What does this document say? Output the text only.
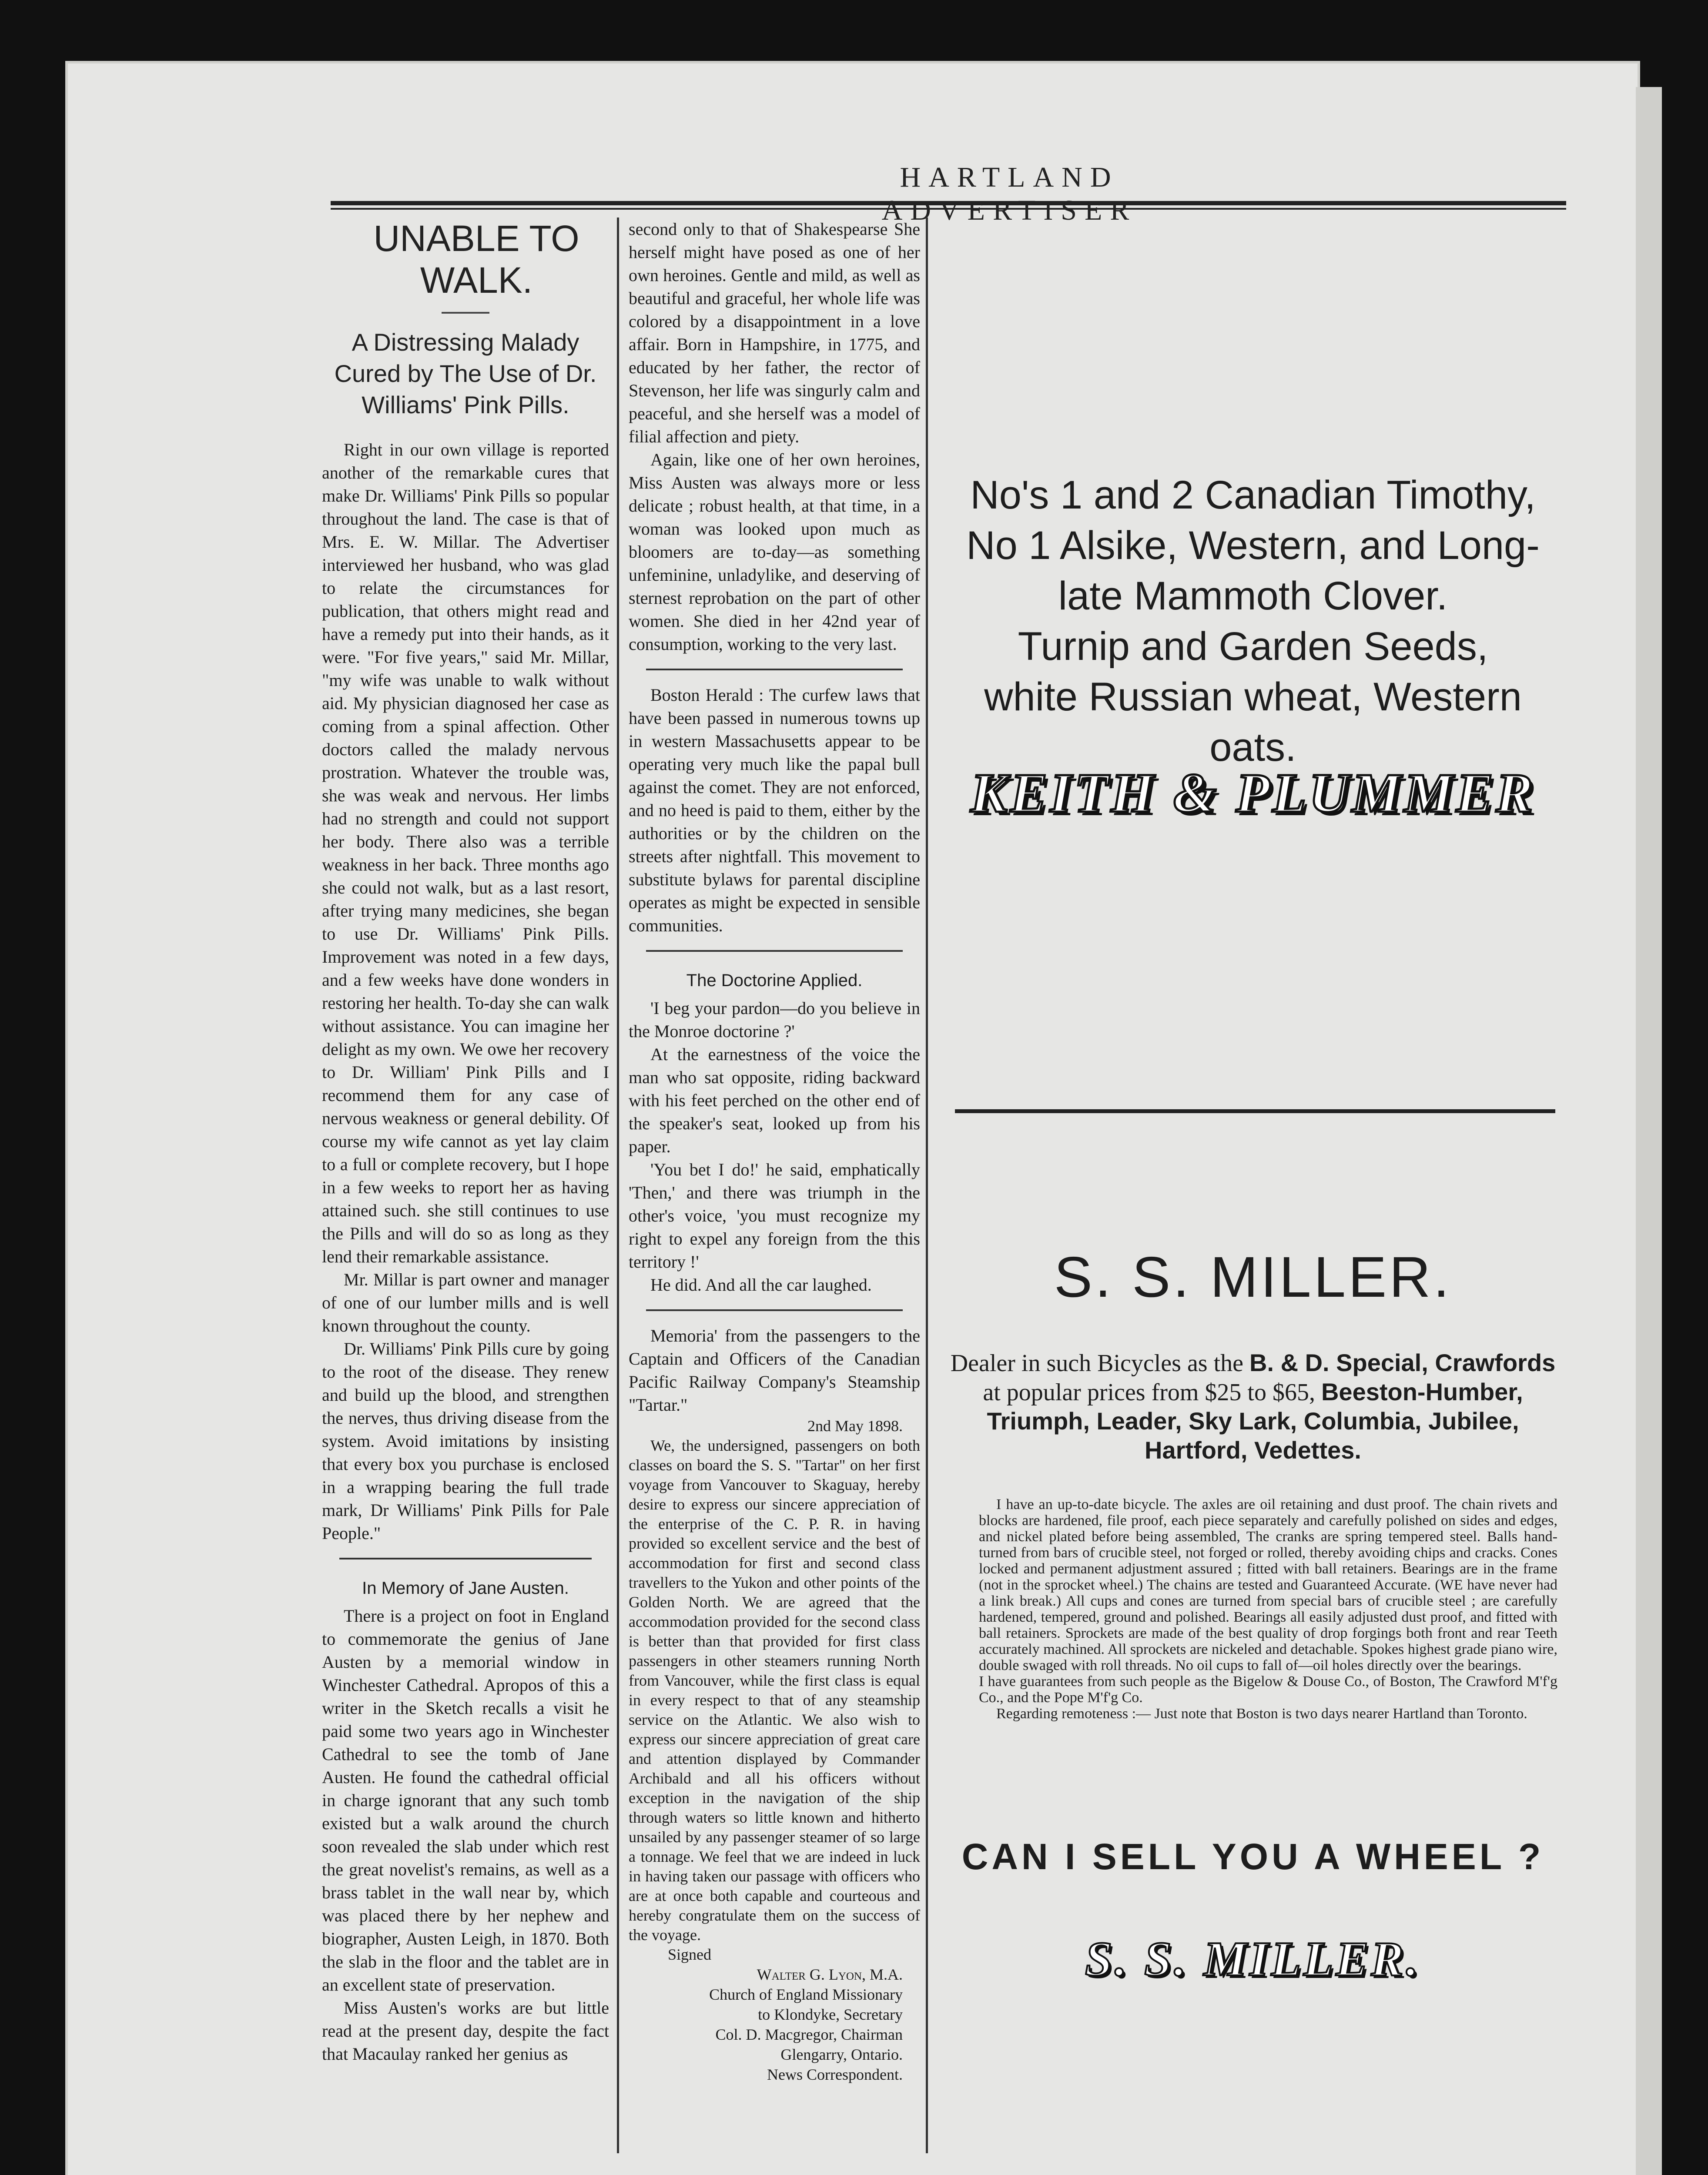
HARTLAND ADVERTISER

UNABLE TO

WALK.

A Distressing Malady Cured by The Use of Dr. Williams' Pink Pills.

Right in our own village is reported another of the remarkable cures that make Dr. Williams' Pink Pills so popular throughout the land. The case is that of Mrs. E. W. Millar. The Advertiser interviewed her husband, who was glad to relate the circumstances for publication, that others might read and have a remedy put into their hands, as it were. "For five years," said Mr. Millar, "my wife was unable to walk without aid. My physician diagnosed her case as coming from a spinal affection. Other doctors called the malady nervous prostration. Whatever the trouble was, she was weak and nervous. Her limbs had no strength and could not support her body. There also was a terrible weakness in her back. Three months ago she could not walk, but as a last resort, after trying many medicines, she began to use Dr. Williams' Pink Pills. Improvement was noted in a few days, and a few weeks have done wonders in restoring her health. To-day she can walk without assistance. You can imagine her delight as my own. We owe her recovery to Dr. William' Pink Pills and I recommend them for any case of nervous weakness or general debility. Of course my wife cannot as yet lay claim to a full or complete recovery, but I hope in a few weeks to report her as having attained such. she still continues to use the Pills and will do so as long as they lend their remarkable assistance.

Mr. Millar is part owner and manager of one of our lumber mills and is well known throughout the county.

Dr. Williams' Pink Pills cure by going to the root of the disease. They renew and build up the blood, and strengthen the nerves, thus driving disease from the system. Avoid imitations by insisting that every box you purchase is enclosed in a wrapping bearing the full trade mark, Dr Williams' Pink Pills for Pale People."

In Memory of Jane Austen.

There is a project on foot in England to commemorate the genius of Jane Austen by a memorial window in Winchester Cathedral. Apropos of this a writer in the Sketch recalls a visit he paid some two years ago in Winchester Cathedral to see the tomb of Jane Austen. He found the cathedral official in charge ignorant that any such tomb existed but a walk around the church soon revealed the slab under which rest the great novelist's remains, as well as a brass tablet in the wall near by, which was placed there by her nephew and biographer, Austen Leigh, in 1870. Both the slab in the floor and the tablet are in an excellent state of preservation.

Miss Austen's works are but little read at the present day, despite the fact that Macaulay ranked her genius as

second only to that of Shakespearse She herself might have posed as one of her own heroines. Gentle and mild, as well as beautiful and graceful, her whole life was colored by a disappointment in a love affair. Born in Hampshire, in 1775, and educated by her father, the rector of Stevenson, her life was singurly calm and peaceful, and she herself was a model of filial affection and piety.

Again, like one of her own heroines, Miss Austen was always more or less delicate ; robust health, at that time, in a woman was looked upon much as bloomers are to-day—as something unfeminine, unladylike, and deserving of sternest reprobation on the part of other women. She died in her 42nd year of consumption, working to the very last.

Boston Herald : The curfew laws that have been passed in numerous towns up in western Massachusetts appear to be operating very much like the papal bull against the comet. They are not enforced, and no heed is paid to them, either by the authorities or by the children on the streets after nightfall. This movement to substitute bylaws for parental discipline operates as might be expected in sensible communities.

The Doctorine Applied.

'I beg your pardon—do you believe in the Monroe doctorine ?'

At the earnestness of the voice the man who sat opposite, riding backward with his feet perched on the other end of the speaker's seat, looked up from his paper.

'You bet I do!' he said, emphatically 'Then,' and there was triumph in the other's voice, 'you must recognize my right to expel any foreign from the this territory !'

He did. And all the car laughed.

Memoria' from the passengers to the Captain and Officers of the Canadian Pacific Railway Company's Steamship "Tartar."

2nd May 1898.

We, the undersigned, passengers on both classes on board the S. S. "Tartar" on her first voyage from Vancouver to Skaguay, hereby desire to express our sincere appreciation of the enterprise of the C. P. R. in having provided so excellent service and the best of accommodation for first and second class travellers to the Yukon and other points of the Golden North. We are agreed that the accommodation provided for the second class is better than that provided for first class passengers in other steamers running North from Vancouver, while the first class is equal in every respect to that of any steamship service on the Atlantic. We also wish to express our sincere appreciation of great care and attention displayed by Commander Archibald and all his officers without exception in the navigation of the ship through waters so little known and hitherto unsailed by any passenger steamer of so large a tonnage. We feel that we are indeed in luck in having taken our passage with officers who are at once both capable and courteous and hereby congratulate them on the success of the voyage.

Signed
Walter G. Lyon, M.A.
Church of England Missionary
to Klondyke, Secretary
Col. D. Macgregor, Chairman
Glengarry, Ontario.
News Correspondent.
No's 1 and 2 Canadian Timothy,
No 1 Alsike, Western, and Long-
late Mammoth Clover.
Turnip and Garden Seeds,
white Russian wheat, Western oats.
KEITH & PLUMMER
S. S. MILLER.
Dealer in such Bicycles as the B. & D. Special, Crawfords at popular prices from $25 to $65, Beeston-Humber, Triumph, Leader, Sky Lark, Columbia, Jubilee, Hartford, Vedettes.

I have an up-to-date bicycle. The axles are oil retaining and dust proof. The chain rivets and blocks are hardened, file proof, each piece separately and carefully polished on sides and edges, and nickel plated before being assembled, The cranks are spring tempered steel. Balls hand-turned from bars of crucible steel, not forged or rolled, thereby avoiding chips and cracks. Cones locked and permanent adjustment assured ; fitted with ball retainers. Bearings are in the frame (not in the sprocket wheel.) The chains are tested and Guaranteed Accurate. (WE have never had a link break.) All cups and cones are turned from special bars of crucible steel ; are carefully hardened, tempered, ground and polished. Bearings all easily adjusted dust proof, and fitted with ball retainers. Sprockets are made of the best quality of drop forgings both front and rear Teeth accurately machined. All sprockets are nickeled and detachable. Spokes highest grade piano wire, double swaged with roll threads. No oil cups to fall of—oil holes directly over the bearings.

I have guarantees from such people as the Bigelow & Douse Co., of Boston, The Crawford M'f'g Co., and the Pope M'f'g Co.

Regarding remoteness :— Just note that Boston is two days nearer Hartland than Toronto.

CAN I SELL YOU A WHEEL ?
S. S. MILLER.
